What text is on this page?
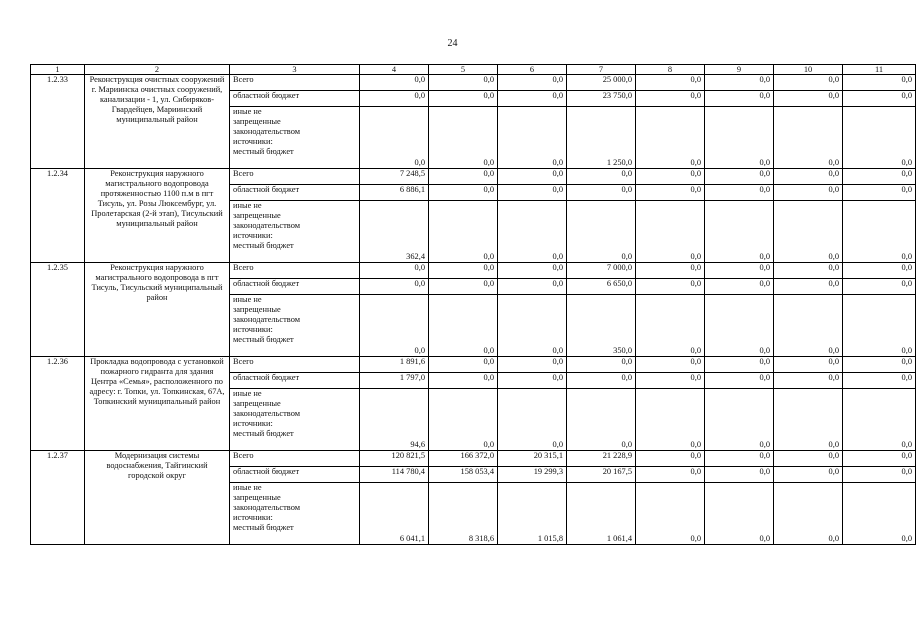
24
1	2	3	4	5	6	7	8	9	10	11
1.2.33	Реконструкция очистных сооружений г. Мариинска очистных сооружений, канализации - 1, ул. Сибиряков-Гвардейцев, Мариинский муниципальный район	Всего	0,0	0,0	0,0	25 000,0	0,0	0,0	0,0	0,0
		областной бюджет	0,0	0,0	0,0	23 750,0	0,0	0,0	0,0	0,0

		иные не
запрещенные
законодательством
источники:
местный бюджет	0,0	0,0	0,0	1 250,0	0,0	0,0	0,0	0,0
1.2.34	Реконструкция наружного магистрального водопровода протяженностью 1100 п.м в пгт Тисуль, ул. Розы Люксембург, ул. Пролетарская (2-й этап), Тисульский муниципальный район	Всего	7 248,5	0,0	0,0	0,0	0,0	0,0	0,0	0,0
		областной бюджет	6 886,1	0,0	0,0	0,0	0,0	0,0	0,0	0,0

		иные не
запрещенные
законодательством
источники:
местный бюджет	362,4	0,0	0,0	0,0	0,0	0,0	0,0	0,0
1.2.35	Реконструкция наружного магистрального водопровода в пгт Тисуль, Тисульский муниципальный район	Всего	0,0	0,0	0,0	7 000,0	0,0	0,0	0,0	0,0
		областной бюджет	0,0	0,0	0,0	6 650,0	0,0	0,0	0,0	0,0

		иные не
запрещенные
законодательством
источники:
местный бюджет	0,0	0,0	0,0	350,0	0,0	0,0	0,0	0,0
1.2.36	Прокладка водопровода с установкой пожарного гидранта для здания Центра «Семья», расположенного по адресу: г. Топки, ул. Топкинская, 67А, Топкинский муниципальный район	Всего	1 891,6	0,0	0,0	0,0	0,0	0,0	0,0	0,0
		областной бюджет	1 797,0	0,0	0,0	0,0	0,0	0,0	0,0	0,0

		иные не
запрещенные
законодательством
источники:
местный бюджет	94,6	0,0	0,0	0,0	0,0	0,0	0,0	0,0
1.2.37	Модернизация системы водоснабжения, Тайгинский городской округ	Всего	120 821,5	166 372,0	20 315,1	21 228,9	0,0	0,0	0,0	0,0
		областной бюджет	114 780,4	158 053,4	19 299,3	20 167,5	0,0	0,0	0,0	0,0

		иные не
запрещенные
законодательством
источники:
местный бюджет	6 041,1	8 318,6	1 015,8	1 061,4	0,0	0,0	0,0	0,0
